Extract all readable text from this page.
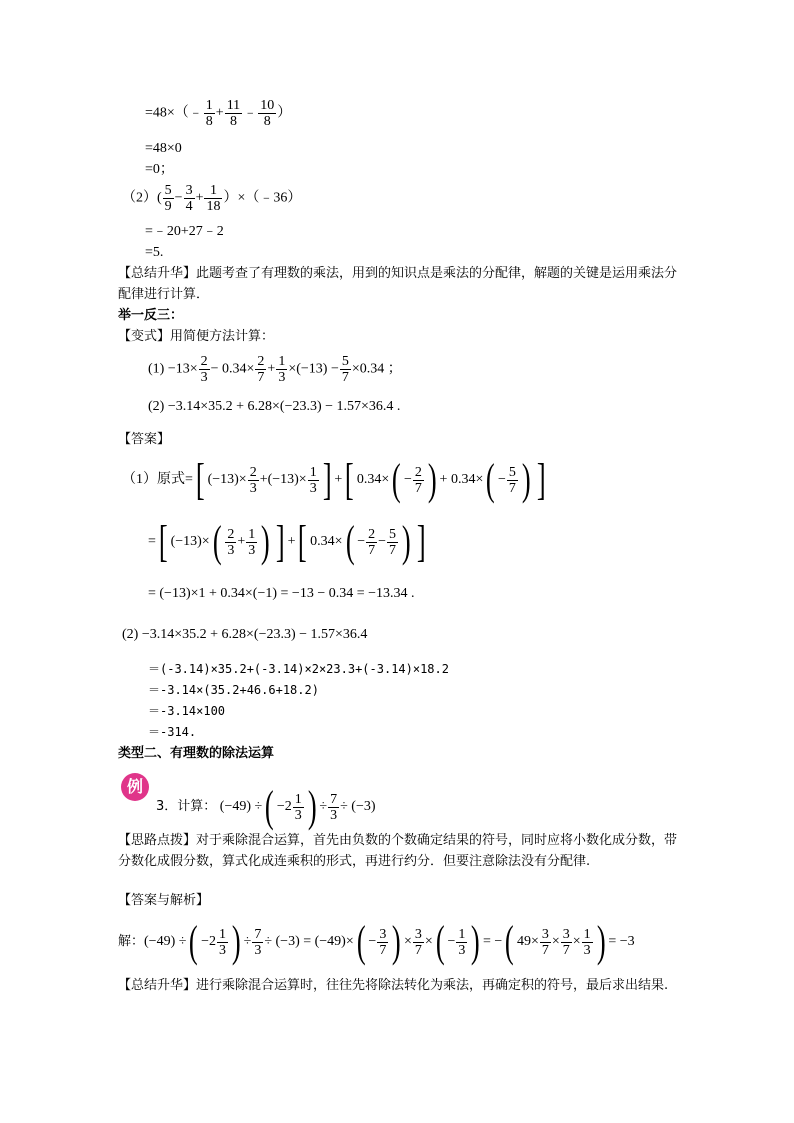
=48×（﹣ $\frac{1}{8} + \frac{11}{8}$ ﹣ $\frac{10}{8}$ ）
=48×0
=0；
$(2)( \frac{5}{9} - \frac{3}{4} + \frac{1}{18}$ ）×（﹣36）
=﹣20+27﹣2
=5.
【总结升华】此题考查了有理数的乘法，用到的知识点是乘法的分配律，解题的关键是运用乘法分配律进行计算．
举一反三：
【变式】用简便方法计算：
$(1) -13\times \frac{2}{3} - 0.34\times \frac{2}{7} + \frac{1}{3} \times(-13) - \frac{5}{7} \times 0.34$ ；
(2) −3.14×35.2 + 6.28×(−23.3) − 1.57×36.4 .
【答案】
（1）原式=[ $(-13)\times \frac{2}{3} +(-13)\times \frac{1}{3}$ ] +[ $0.34\times( - \frac{2}{7}$ ) + $0.34\times( - \frac{5}{7}$ ) ]
=[ $(-13)\times( \frac{2}{3} + \frac{1}{3}$ ) ] +[ $0.34\times( - \frac{2}{7} - \frac{5}{7}$ ) ]
= (−13)×1 + 0.34×(−1) = −13 − 0.34 = −13.34 .
(2) −3.14×35.2 + 6.28×(−23.3) − 1.57×36.4
＝(-3.14)×35.2+(-3.14)×2×23.3+(-3.14)×18.2
＝-3.14×(35.2+46.6+18.2)
＝-3.14×100
＝-314.
类型二、有理数的除法运算
例
3．计算： (−49) ÷( $-2 \frac{1}{3}$ ) ÷ $\frac{7}{3} \div (-3)$
【思路点拨】对于乘除混合运算，首先由负数的个数确定结果的符号，同时应将小数化成分数，带分数化成假分数，算式化成连乘积的形式，再进行约分．但要注意除法没有分配律.
【答案与解析】
解：(−49) ÷( $-2 \frac{1}{3}$ ) ÷ $\frac{7}{3} \div (-3) = (-49)\times( - \frac{3}{7}$ ) × $\frac{3}{7}$ ×( − $\frac{1}{3}$ ) = −( $49\times \frac{3}{7} \times \frac{3}{7} \times \frac{1}{3}$ ) = −3
【总结升华】进行乘除混合运算时，往往先将除法转化为乘法，再确定积的符号，最后求出结果.
